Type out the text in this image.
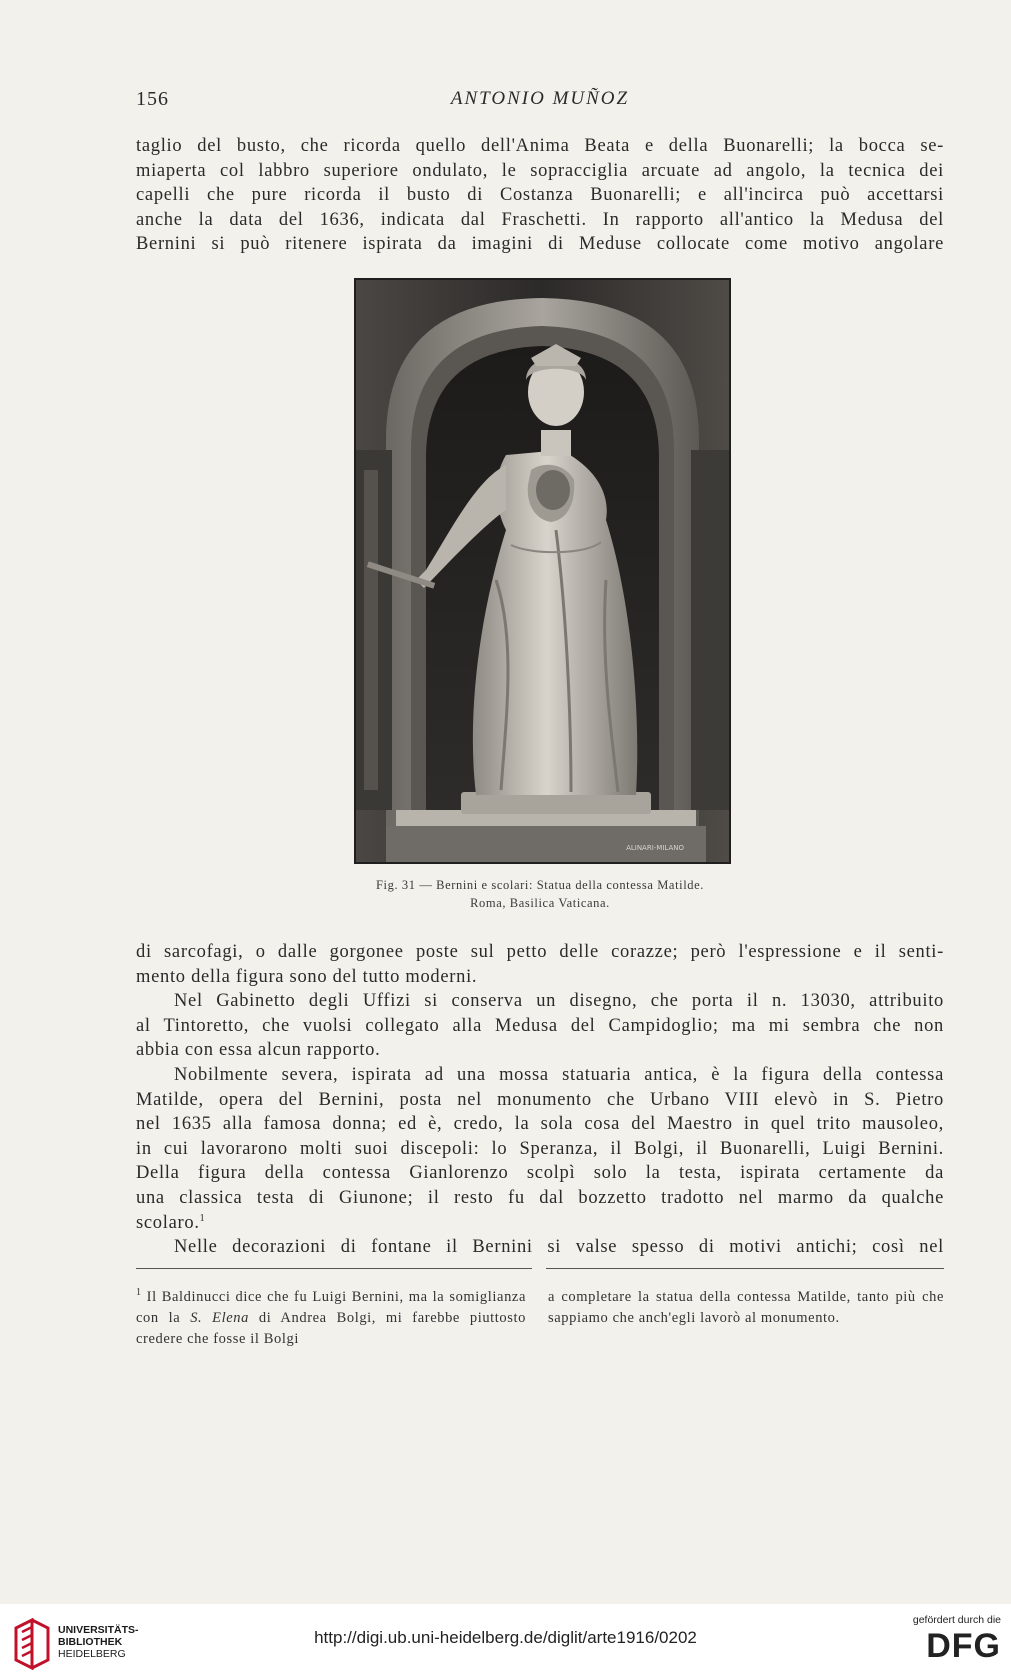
156	ANTONIO MUÑOZ

taglio del busto, che ricorda quello dell'Anima Beata e della Buonarelli; la bocca se-

miaperta col labbro superiore ondulato, le sopracciglia arcuate ad angolo, la tecnica dei

capelli che pure ricorda il busto di Costanza Buonarelli; e all'incirca può accettarsi

anche la data del 1636, indicata dal Fraschetti. In rapporto all'antico la Medusa del

Bernini si può ritenere ispirata da imagini di Meduse collocate come motivo angolare

ALINARI-MILANO
Fig. 31 — Bernini e scolari: Statua della contessa Matilde.
Roma, Basilica Vaticana.

di sarcofagi, o dalle gorgonee poste sul petto delle corazze; però l'espressione e il senti-

mento della figura sono del tutto moderni.

Nel Gabinetto degli Uffizi si conserva un disegno, che porta il n. 13030, attribuito

al Tintoretto, che vuolsi collegato alla Medusa del Campidoglio; ma mi sembra che non

abbia con essa alcun rapporto.

Nobilmente severa, ispirata ad una mossa statuaria antica, è la figura della contessa

Matilde, opera del Bernini, posta nel monumento che Urbano VIII elevò in S. Pietro

nel 1635 alla famosa donna; ed è, credo, la sola cosa del Maestro in quel trito mausoleo,

in cui lavorarono molti suoi discepoli: lo Speranza, il Bolgi, il Buonarelli, Luigi Bernini.

Della figura della contessa Gianlorenzo scolpì solo la testa, ispirata certamente da

una classica testa di Giunone; il resto fu dal bozzetto tradotto nel marmo da qualche

scolaro.$^1$

Nelle decorazioni di fontane il Bernini si valse spesso di motivi antichi; così nel

$^1$ Il Baldinucci dice che fu Luigi Bernini, ma la somiglianza con la S. Elena di Andrea Bolgi, mi farebbe piuttosto credere che fosse il Bolgi

a completare la statua della contessa Matilde, tanto più che sappiamo che anch'egli lavorò al monumento.

UNIVERSITÄTS-
BIBLIOTHEK
HEIDELBERG
http://digi.ub.uni-heidelberg.de/diglit/arte1916/0202
gefördert durch die
DFG
